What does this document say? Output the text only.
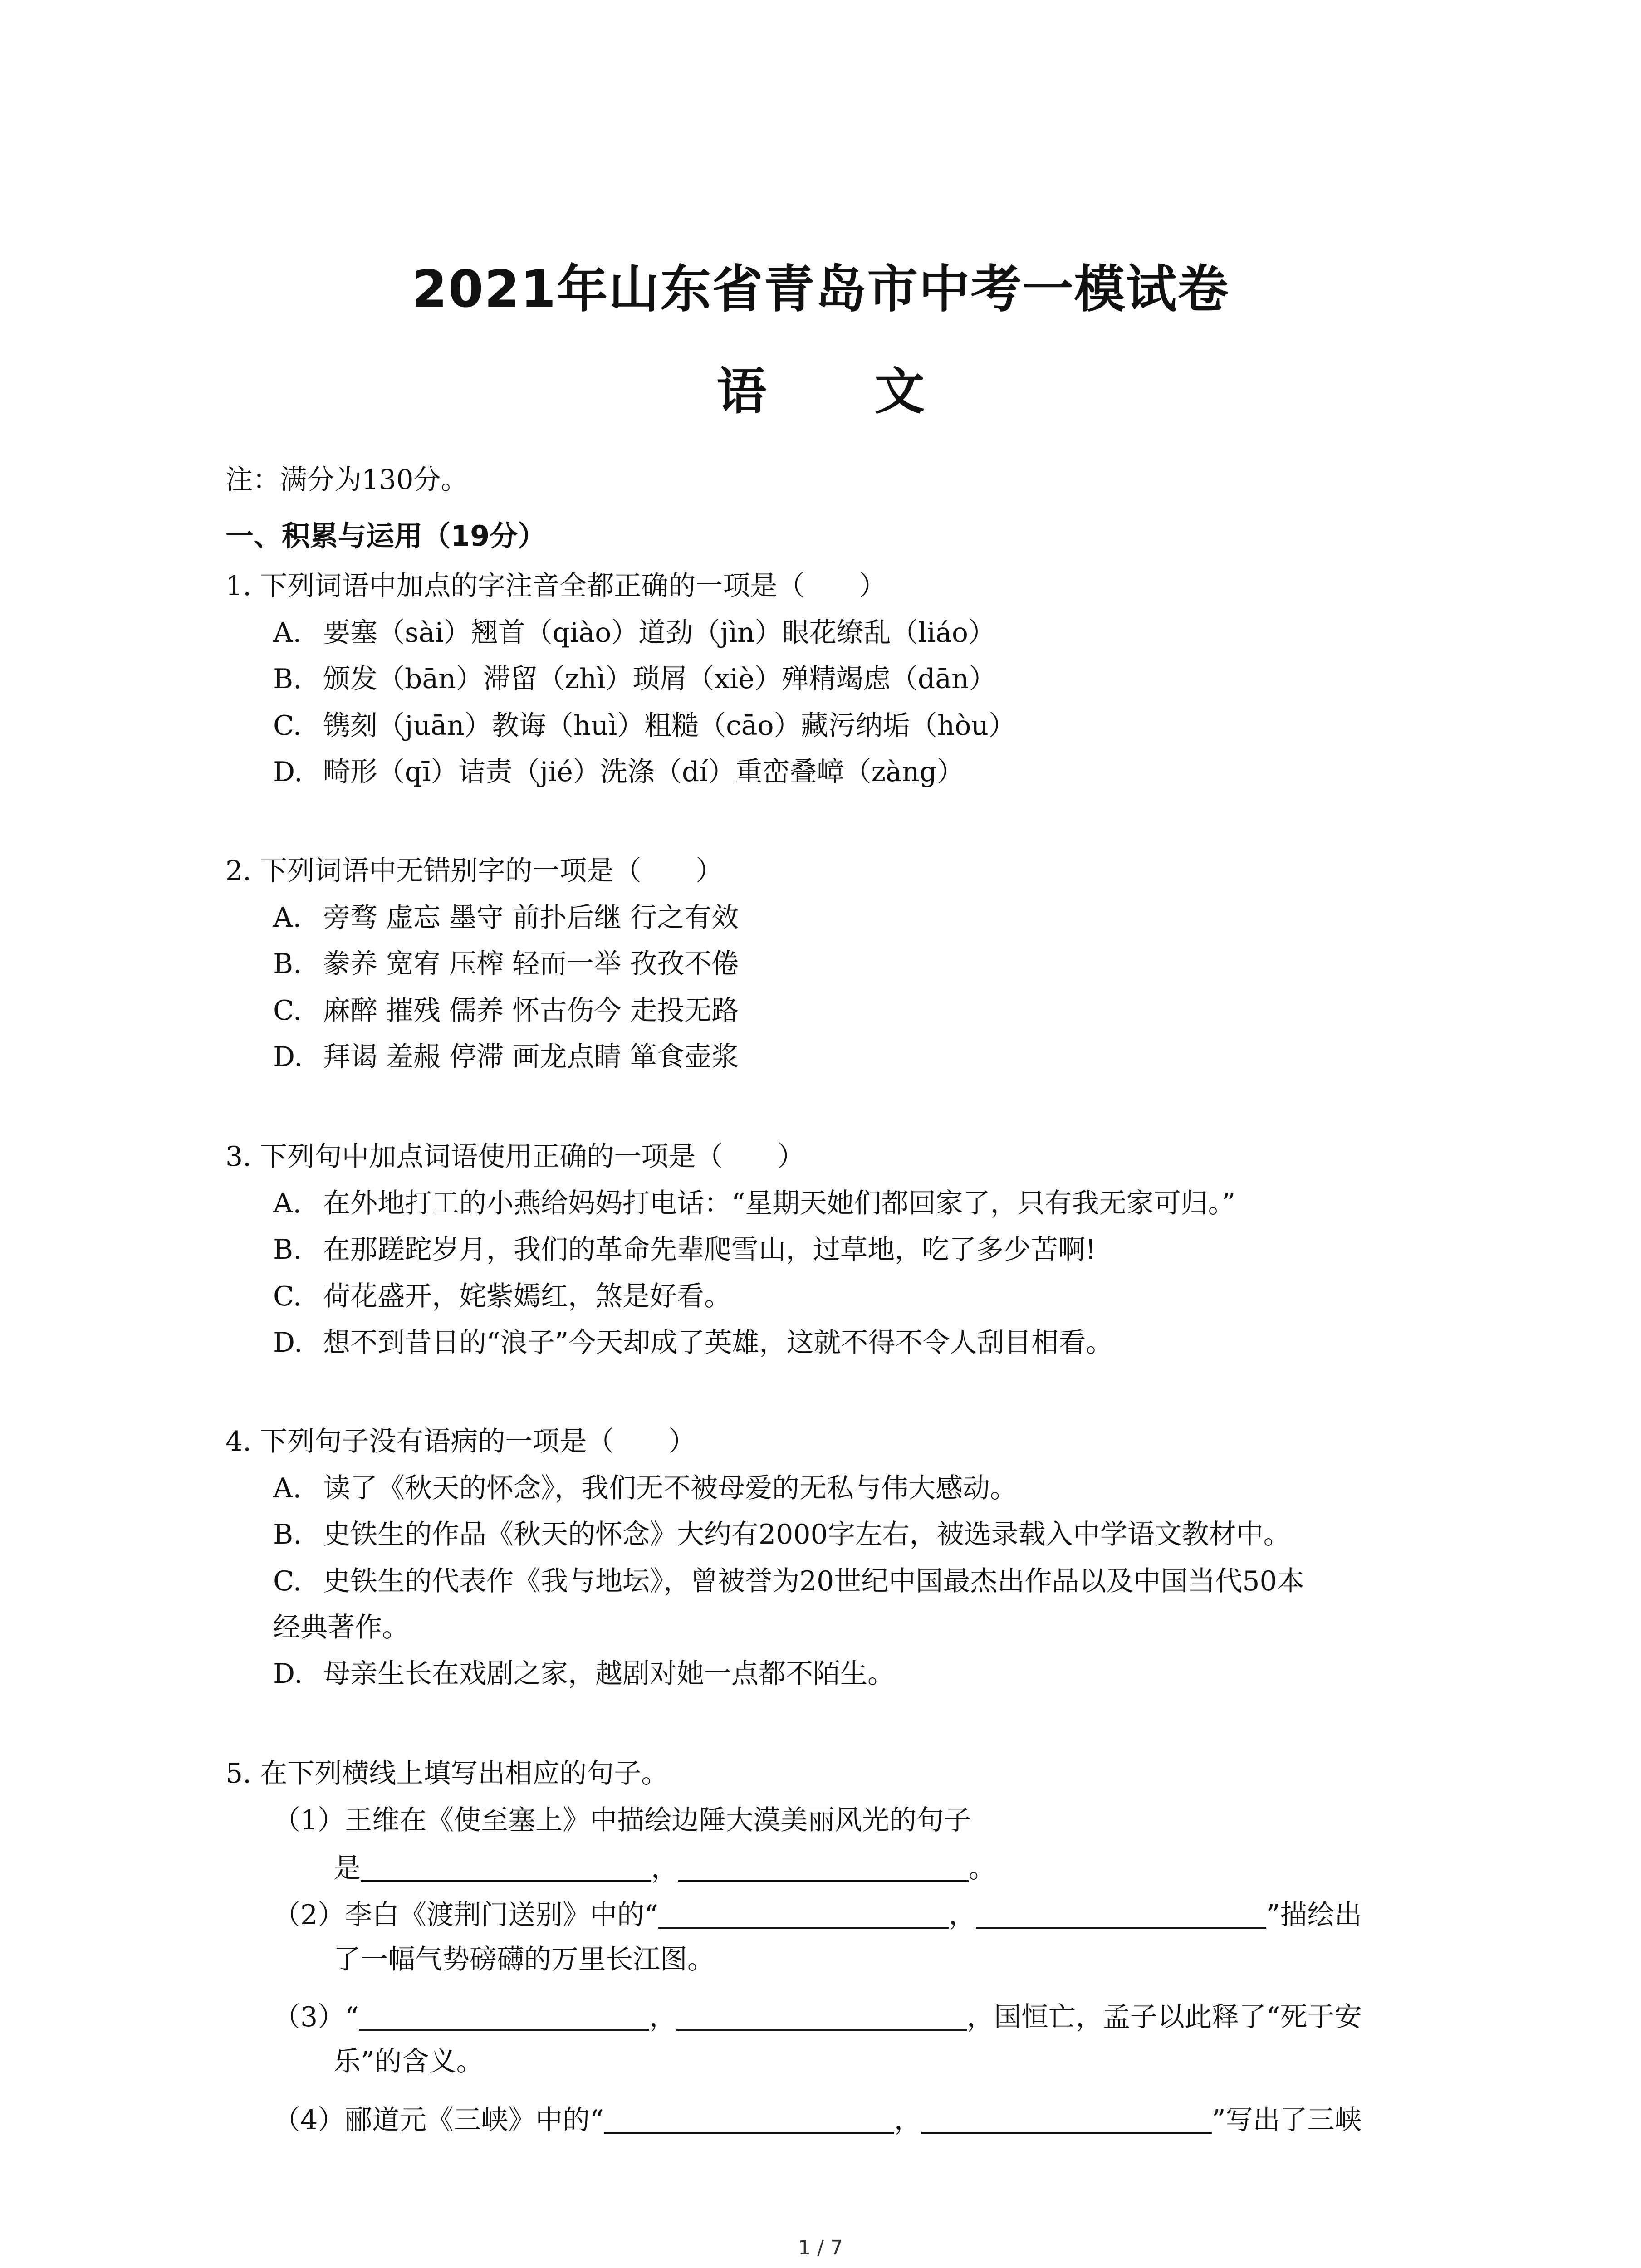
2021年山东省青岛市中考一模试卷
语 文
注：满分为130分。
一、积累与运用（19分）
1. 下列词语中加点的字注音全都正确的一项是（　　）
A. 要塞（sài）翘首（qiào）道劲（jìn）眼花缭乱（liáo）
B. 颁发（bān）滞留（zhì）琐屑（xiè）殚精竭虑（dān）
C. 镌刻（juān）教诲（huì）粗糙（cāo）藏污纳垢（hòu）
D. 畸形（qī）诘责（jié）洗涤（dí）重峦叠嶂（zàng）
2. 下列词语中无错别字的一项是（　　）
A. 旁骛 虚忘 墨守 前扑后继 行之有效
B. 豢养 宽宥 压榨 轻而一举 孜孜不倦
C. 麻醉 摧残 儒养 怀古伤今 走投无路
D. 拜谒 羞赧 停滞 画龙点睛 箪食壶浆
3. 下列句中加点词语使用正确的一项是（　　）
A. 在外地打工的小燕给妈妈打电话：“星期天她们都回家了，只有我无家可归。”
B. 在那蹉跎岁月，我们的革命先辈爬雪山，过草地，吃了多少苦啊!
C. 荷花盛开，姹紫嫣红，煞是好看。
D. 想不到昔日的“浪子”今天却成了英雄，这就不得不令人刮目相看。
4. 下列句子没有语病的一项是（　　）
A. 读了《秋天的怀念》，我们无不被母爱的无私与伟大感动。
B. 史铁生的作品《秋天的怀念》大约有2000字左右，被选录载入中学语文教材中。
C. 史铁生的代表作《我与地坛》，曾被誉为20世纪中国最杰出作品以及中国当代50本
经典著作。
D. 母亲生长在戏剧之家，越剧对她一点都不陌生。
5. 在下列横线上填写出相应的句子。
（1）王维在《使至塞上》中描绘边陲大漠美丽风光的句子
是	，	。
（2）李白《渡荆门送别》中的“	，	”描绘出
了一幅气势磅礴的万里长江图。
（3）“	，	，国恒亡，孟子以此释了“死于安
乐”的含义。
（4）郦道元《三峡》中的“	，	”写出了三峡
1 / 7
